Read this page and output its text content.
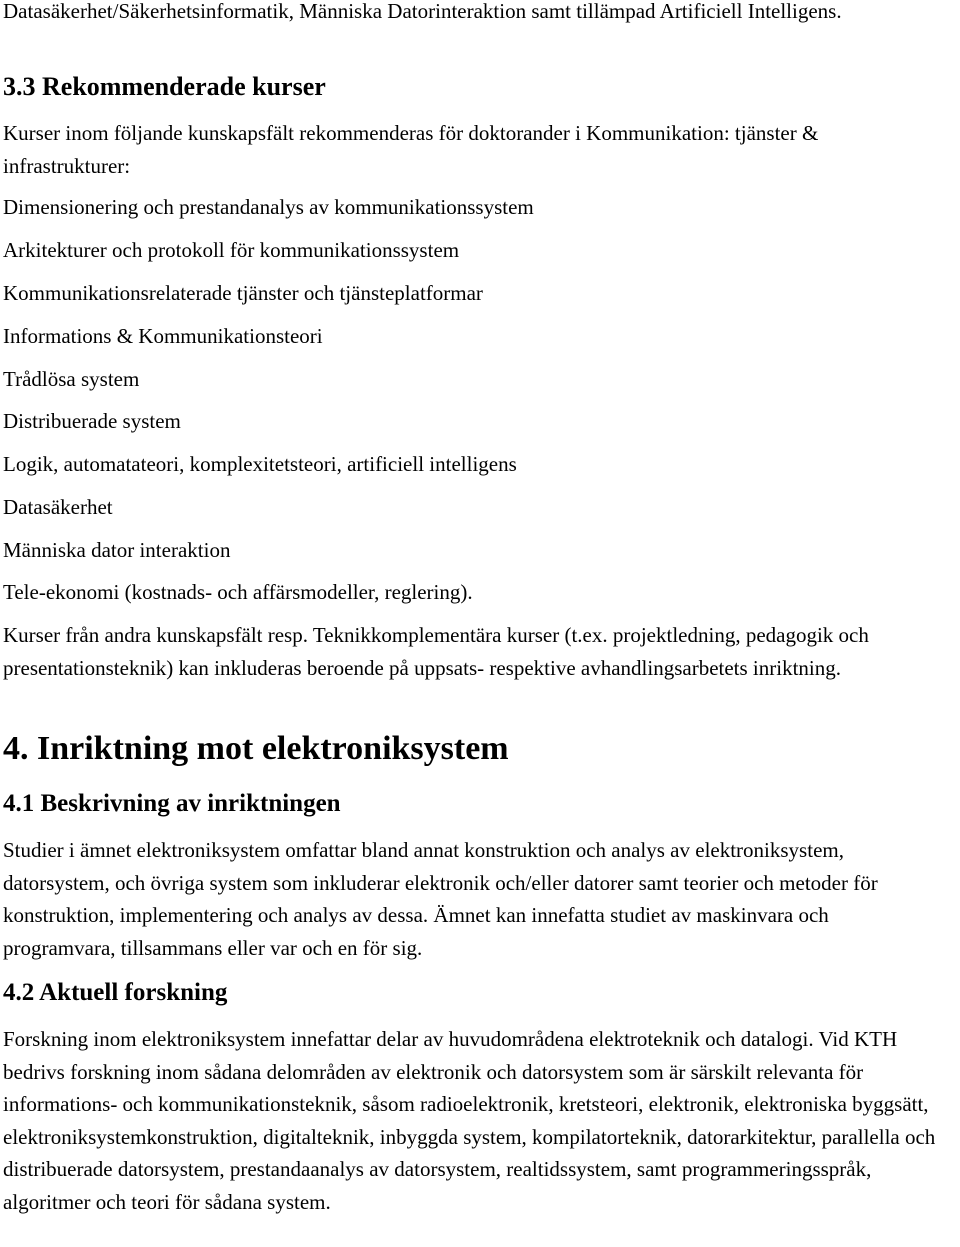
Datasäkerhet/Säkerhetsinformatik, Människa Datorinteraktion samt tillämpad Artificiell Intelligens.

3.3 Rekommenderade kurser

Kurser inom följande kunskapsfält rekommenderas för doktorander i Kommunikation: tjänster & infrastrukturer:

Dimensionering och prestandanalys av kommunikationssystem

Arkitekturer och protokoll för kommunikationssystem

Kommunikationsrelaterade tjänster och tjänsteplatformar

Informations & Kommunikationsteori

Trådlösa system

Distribuerade system

Logik, automatateori, komplexitetsteori, artificiell intelligens

Datasäkerhet

Människa dator interaktion

Tele-ekonomi (kostnads- och affärsmodeller, reglering).

Kurser från andra kunskapsfält resp. Teknikkomplementära kurser (t.ex. projektledning, pedagogik och presentationsteknik) kan inkluderas beroende på uppsats- respektive avhandlingsarbetets inriktning.

4. Inriktning mot elektroniksystem
4.1 Beskrivning av inriktningen

Studier i ämnet elektroniksystem omfattar bland annat konstruktion och analys av elektroniksystem, datorsystem, och övriga system som inkluderar elektronik och/eller datorer samt teorier och metoder för konstruktion, implementering och analys av dessa. Ämnet kan innefatta studiet av maskinvara och programvara, tillsammans eller var och en för sig.

4.2 Aktuell forskning

Forskning inom elektroniksystem innefattar delar av huvudområdena elektroteknik och datalogi. Vid KTH bedrivs forskning inom sådana delområden av elektronik och datorsystem som är särskilt relevanta för informations- och kommunikationsteknik, såsom radioelektronik, kretsteori, elektronik, elektroniska byggsätt, elektroniksystemkonstruktion, digitalteknik, inbyggda system, kompilatorteknik, datorarkitektur, parallella och distribuerade datorsystem, prestandaanalys av datorsystem, realtidssystem, samt programmeringsspråk, algoritmer och teori för sådana system.
